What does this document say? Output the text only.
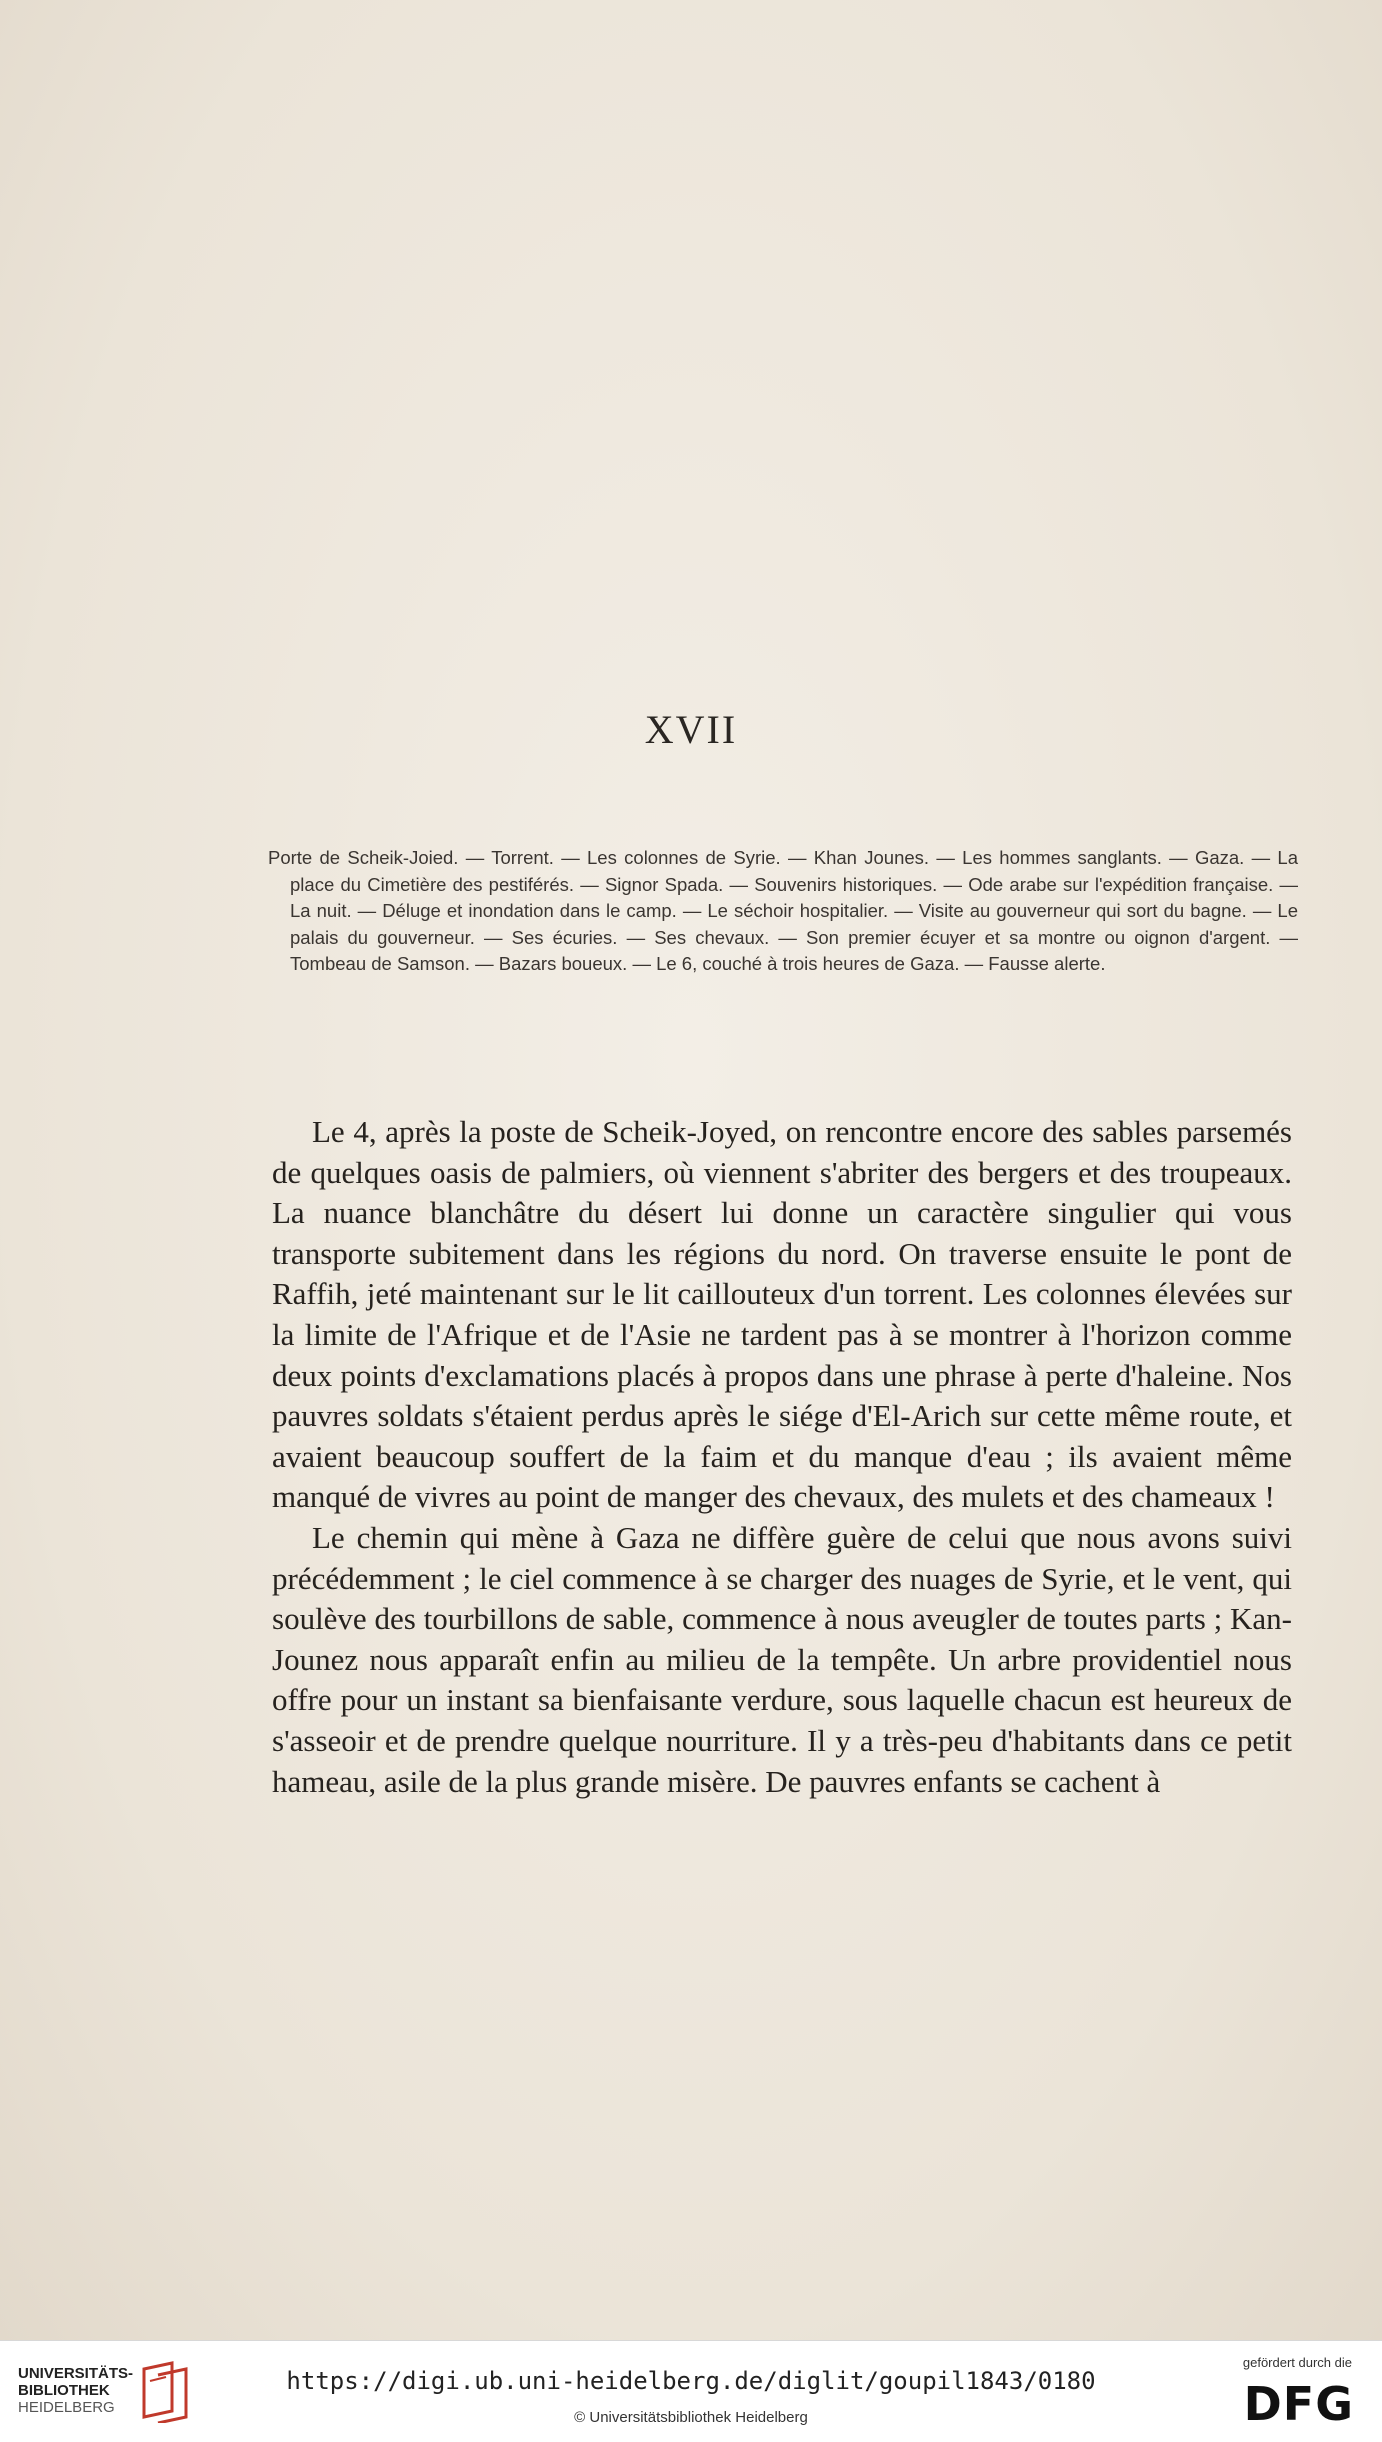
XVII

Porte de Scheik-Joied. — Torrent. — Les colonnes de Syrie. — Khan Jounes. — Les hommes sanglants. — Gaza. — La place du Cimetière des pestiférés. — Signor Spada. — Souvenirs historiques. — Ode arabe sur l'expédition française. — La nuit. — Déluge et inondation dans le camp. — Le séchoir hospitalier. — Visite au gouverneur qui sort du bagne. — Le palais du gouverneur. — Ses écuries. — Ses chevaux. — Son premier écuyer et sa montre ou oignon d'argent. — Tombeau de Samson. — Bazars boueux. — Le 6, couché à trois heures de Gaza. — Fausse alerte.

Le 4, après la poste de Scheik-Joyed, on rencontre encore des sables parsemés de quelques oasis de palmiers, où viennent s'abriter des bergers et des troupeaux. La nuance blanchâtre du désert lui donne un caractère singulier qui vous transporte subitement dans les régions du nord. On traverse ensuite le pont de Raffih, jeté maintenant sur le lit caillouteux d'un torrent. Les colonnes élevées sur la limite de l'Afrique et de l'Asie ne tardent pas à se montrer à l'horizon comme deux points d'exclamations placés à propos dans une phrase à perte d'haleine. Nos pauvres soldats s'étaient perdus après le siége d'El-Arich sur cette même route, et avaient beaucoup souffert de la faim et du manque d'eau ; ils avaient même manqué de vivres au point de manger des chevaux, des mulets et des chameaux !

Le chemin qui mène à Gaza ne diffère guère de celui que nous avons suivi précédemment ; le ciel commence à se charger des nuages de Syrie, et le vent, qui soulève des tourbillons de sable, commence à nous aveugler de toutes parts ; Kan-Jounez nous apparaît enfin au milieu de la tempête. Un arbre providentiel nous offre pour un instant sa bienfaisante verdure, sous laquelle chacun est heureux de s'asseoir et de prendre quelque nourriture. Il y a très-peu d'habitants dans ce petit hameau, asile de la plus grande misère. De pauvres enfants se cachent à

UNIVERSITÄTS-
BIBLIOTHEK
HEIDELBERG
https://digi.ub.uni-heidelberg.de/diglit/goupil1843/0180
© Universitätsbibliothek Heidelberg
gefördert durch die
DFG
